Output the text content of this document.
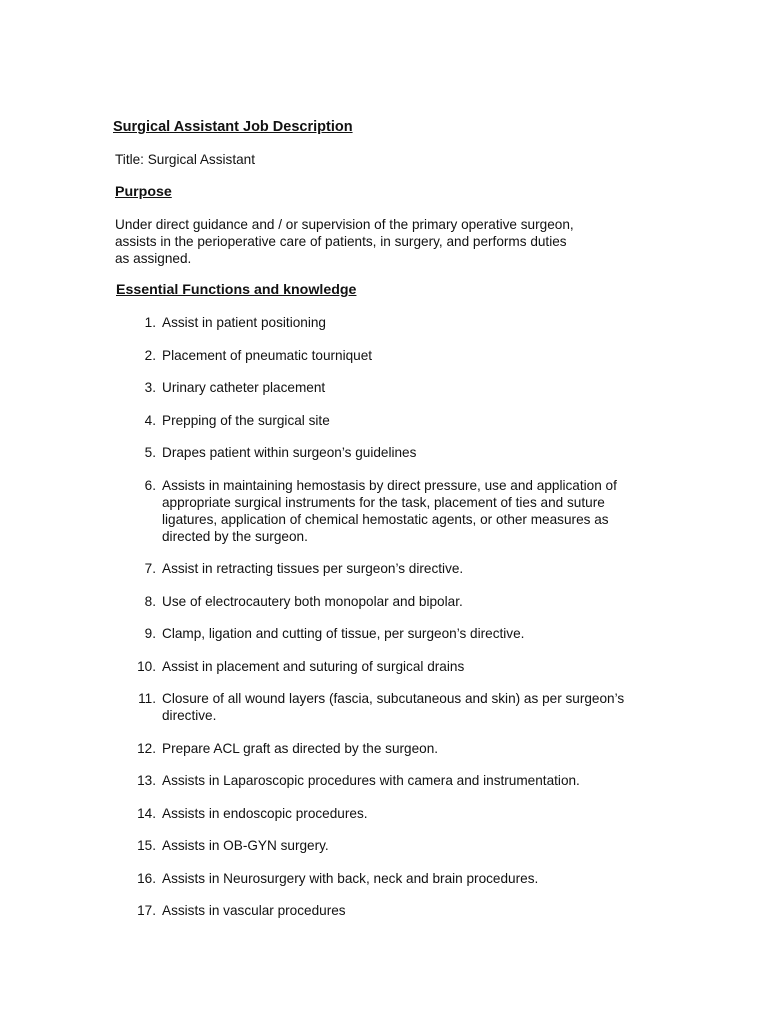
Surgical Assistant Job Description
Title: Surgical Assistant
Purpose
Under direct guidance and / or supervision of the primary operative surgeon,
assists in the perioperative care of patients, in surgery, and performs duties
as assigned.
Essential Functions and knowledge
1. Assist in patient positioning
2. Placement of pneumatic tourniquet
3. Urinary catheter placement
4. Prepping of the surgical site
5. Drapes patient within surgeon’s guidelines
6. Assists in maintaining hemostasis by direct pressure, use and application of
appropriate surgical instruments for the task, placement of ties and suture
ligatures, application of chemical hemostatic agents, or other measures as
directed by the surgeon.
7. Assist in retracting tissues per surgeon’s directive.
8. Use of electrocautery both monopolar and bipolar.
9. Clamp, ligation and cutting of tissue, per surgeon’s directive.
10. Assist in placement and suturing of surgical drains
11. Closure of all wound layers (fascia, subcutaneous and skin) as per surgeon’s
directive.
12. Prepare ACL graft as directed by the surgeon.
13. Assists in Laparoscopic procedures with camera and instrumentation.
14. Assists in endoscopic procedures.
15. Assists in OB-GYN surgery.
16. Assists in Neurosurgery with back, neck and brain procedures.
17. Assists in vascular procedures
